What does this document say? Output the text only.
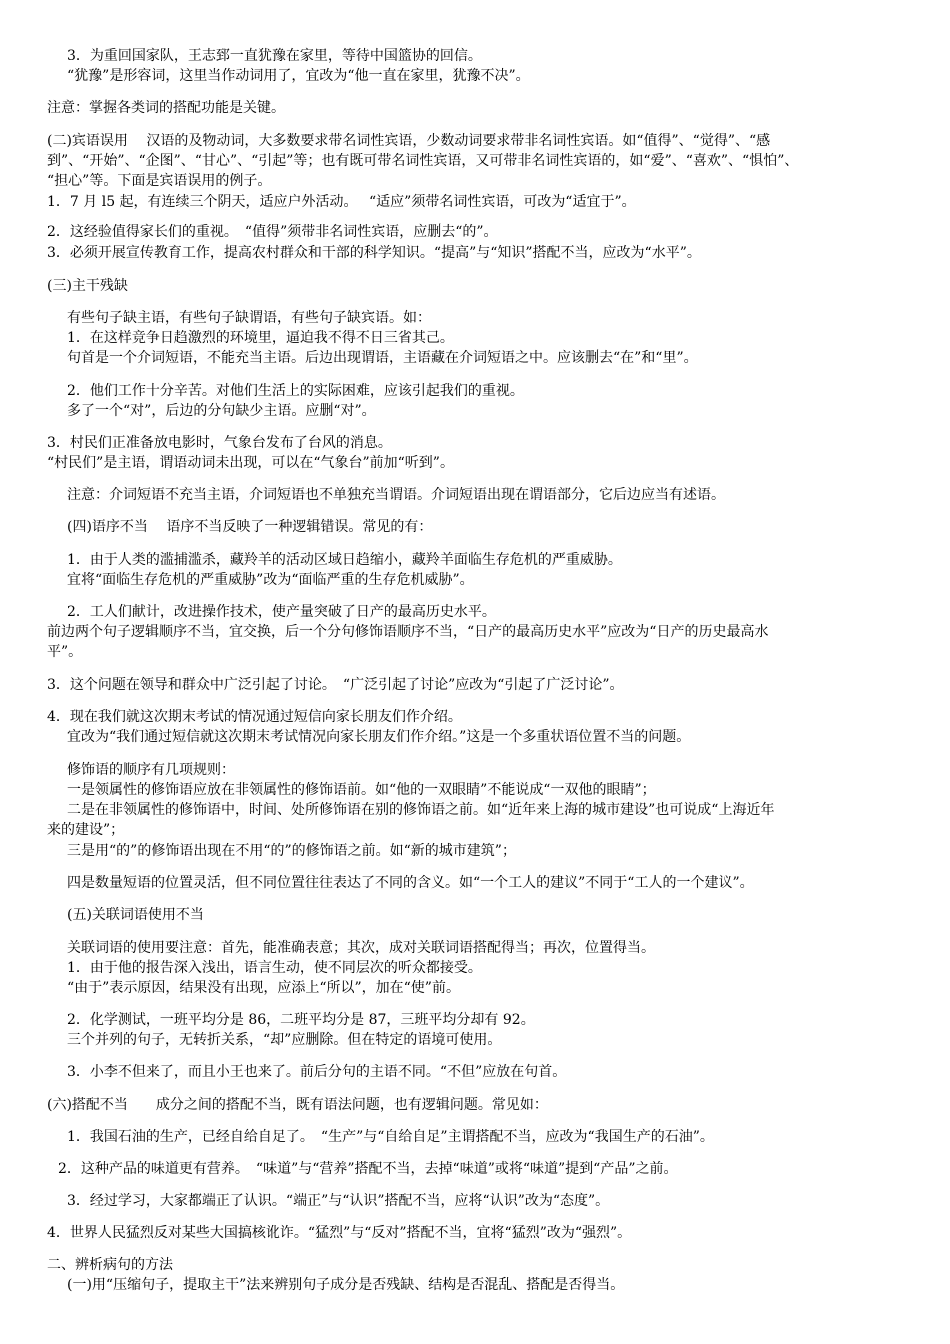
3．为重回国家队，王志郅一直犹豫在家里，等待中国篮协的回信。
“犹豫”是形容词，这里当作动词用了，宜改为“他一直在家里，犹豫不决”。
注意：掌握各类词的搭配功能是关键。
(二)宾语误用　 汉语的及物动词，大多数要求带名词性宾语，少数动词要求带非名词性宾语。如“值得”、“觉得”、“感
到”、“开始”、“企图”、“甘心”、“引起”等；也有既可带名词性宾语，又可带非名词性宾语的，如“爱”、“喜欢”、“惧怕”、
“担心”等。下面是宾语误用的例子。
1．7 月 l5 起，有连续三个阴天，适应户外活动。　 “适应”须带名词性宾语，可改为“适宜于”。
2．这经验值得家长们的重视。　“值得”须带非名词性宾语，应删去“的”。
3．必须开展宣传教育工作，提高农村群众和干部的科学知识。“提高”与“知识”搭配不当，应改为“水平”。
(三)主干残缺
有些句子缺主语，有些句子缺谓语，有些句子缺宾语。如：
1．在这样竞争日趋激烈的环境里，逼迫我不得不日三省其己。
句首是一个介词短语，不能充当主语。后边出现谓语，主语藏在介词短语之中。应该删去“在”和“里”。
2．他们工作十分辛苦。对他们生活上的实际困难，应该引起我们的重视。
多了一个“对”，后边的分句缺少主语。应删“对”。
3．村民们正准备放电影时，气象台发布了台风的消息。
“村民们”是主语，谓语动词未出现，可以在“气象台”前加“听到”。
注意：介词短语不充当主语，介词短语也不单独充当谓语。介词短语出现在谓语部分，它后边应当有述语。
(四)语序不当　 语序不当反映了一种逻辑错误。常见的有：
1．由于人类的滥捕滥杀，藏羚羊的活动区域日趋缩小，藏羚羊面临生存危机的严重威胁。
宜将“面临生存危机的严重威胁”改为“面临严重的生存危机威胁”。
2．工人们献计，改进操作技术，使产量突破了日产的最高历史水平。
前边两个句子逻辑顺序不当，宜交换，后一个分句修饰语顺序不当，“日产的最高历史水平”应改为“日产的历史最高水
平”。
3．这个问题在领导和群众中广泛引起了讨论。　“广泛引起了讨论”应改为“引起了广泛讨论”。
4．现在我们就这次期末考试的情况通过短信向家长朋友们作介绍。
宜改为“我们通过短信就这次期末考试情况向家长朋友们作介绍。”这是一个多重状语位置不当的问题。
修饰语的顺序有几项规则：
一是领属性的修饰语应放在非领属性的修饰语前。如“他的一双眼睛”不能说成“一双他的眼睛”；
二是在非领属性的修饰语中，时间、处所修饰语在别的修饰语之前。如“近年来上海的城市建设”也可说成“上海近年
来的建设”；
三是用“的”的修饰语出现在不用“的”的修饰语之前。如“新的城市建筑”；
四是数量短语的位置灵活，但不同位置往往表达了不同的含义。如“一个工人的建议”不同于“工人的一个建议”。
(五)关联词语使用不当
关联词语的使用要注意：首先，能准确表意；其次，成对关联词语搭配得当；再次，位置得当。
1．由于他的报告深入浅出，语言生动，使不同层次的听众都接受。
“由于”表示原因，结果没有出现，应添上“所以”，加在“使”前。
2．化学测试，一班平均分是 86，二班平均分是 87，三班平均分却有 92。
三个并列的句子，无转折关系，“却”应删除。但在特定的语境可使用。
3．小李不但来了，而且小王也来了。前后分句的主语不同。“不但”应放在句首。
(六)搭配不当　　成分之间的搭配不当，既有语法问题，也有逻辑问题。常见如：
1．我国石油的生产，已经自给自足了。　“生产”与“自给自足”主谓搭配不当，应改为“我国生产的石油”。
2．这种产品的味道更有营养。　“味道”与“营养”搭配不当，去掉“味道”或将“味道”提到“产品”之前。
3．经过学习，大家都端正了认识。“端正”与“认识”搭配不当，应将“认识”改为“态度”。
4．世界人民猛烈反对某些大国搞核讹诈。“猛烈”与“反对”搭配不当，宜将“猛烈”改为“强烈”。
二、辨析病句的方法
(一)用“压缩句子，提取主干”法来辨别句子成分是否残缺、结构是否混乱、搭配是否得当。
